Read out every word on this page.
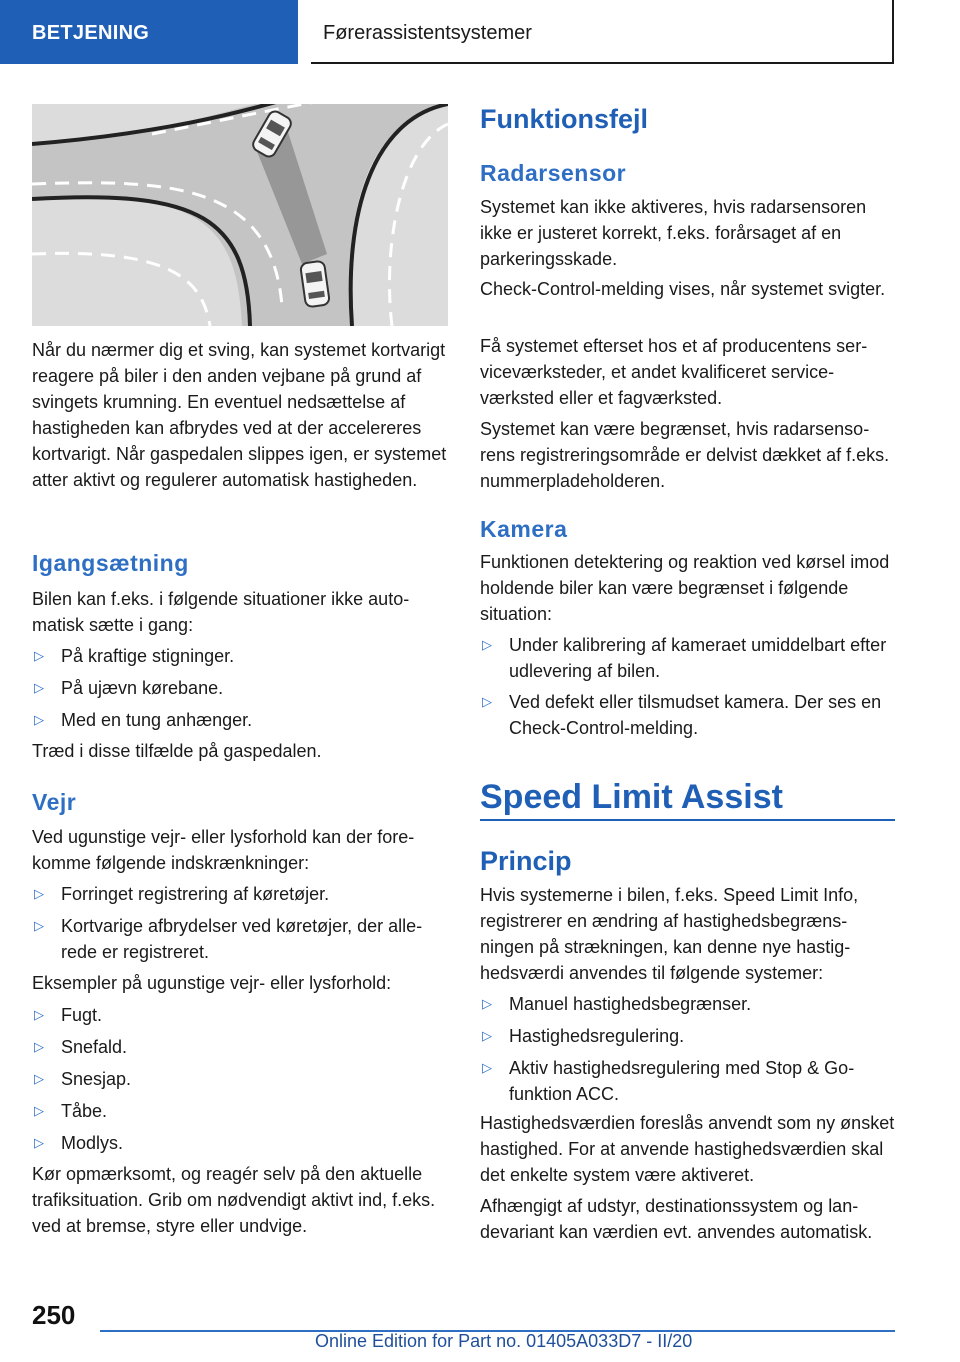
BETJENING	Førerassistentsystemer

Når du nærmer dig et sving, kan systemet kortvarigt reagere på biler i den anden vejbane på grund af svingets krumning. En eventuel nedsættelse af hastigheden kan afbrydes ved at der accelereres kortvarigt. Når gaspedalen slippes igen, er systemet atter aktivt og regulerer automatisk hastigheden.

Igangsætning

Bilen kan f.eks. i følgende situationer ikke automatisk sætte i gang:

▷ På kraftige stigninger.
▷ På ujævn kørebane.
▷ Med en tung anhænger.

Træd i disse tilfælde på gaspedalen.

Vejr

Ved ugunstige vejr- eller lysforhold kan der forekomme følgende indskrænkninger:

▷ Forringet registrering af køretøjer.
▷ Kortvarige afbrydelser ved køretøjer, der allerede er registreret.

Eksempler på ugunstige vejr- eller lysforhold:

▷ Fugt.
▷ Snefald.
▷ Snesjap.
▷ Tåbe.
▷ Modlys.

Kør opmærksomt, og reagér selv på den aktuelle trafiksituation. Grib om nødvendigt aktivt ind, f.eks. ved at bremse, styre eller undvige.

Funktionsfejl
Radarsensor

Systemet kan ikke aktiveres, hvis radarsensoren ikke er justeret korrekt, f.eks. forårsaget af en parkeringsskade.

Check-Control-melding vises, når systemet svigter.

Få systemet efterset hos et af producentens serviceværksteder, et andet kvalificeret serviceværksted eller et fagværksted.

Systemet kan være begrænset, hvis radarsensorens registreringsområde er delvist dækket af f.eks. nummerpladeholderen.

Kamera

Funktionen detektering og reaktion ved kørsel imod holdende biler kan være begrænset i følgende situation:

▷ Under kalibrering af kameraet umiddelbart efter udlevering af bilen.
▷ Ved defekt eller tilsmudset kamera. Der ses en Check-Control-melding.
Speed Limit Assist
Princip

Hvis systemerne i bilen, f.eks. Speed Limit Info, registrerer en ændring af hastighedsbegrænsningen på strækningen, kan denne nye hastighedsværdi anvendes til følgende systemer:

▷ Manuel hastighedsbegrænser.
▷ Hastighedsregulering.
▷ Aktiv hastighedsregulering med Stop & Go-funktion ACC.

Hastighedsværdien foreslås anvendt som ny ønsket hastighed. For at anvende hastighedsværdien skal det enkelte system være aktiveret.

Afhængigt af udstyr, destinationssystem og landevariant kan værdien evt. anvendes automatisk.

250
Online Edition for Part no. 01405A033D7 - II/20
